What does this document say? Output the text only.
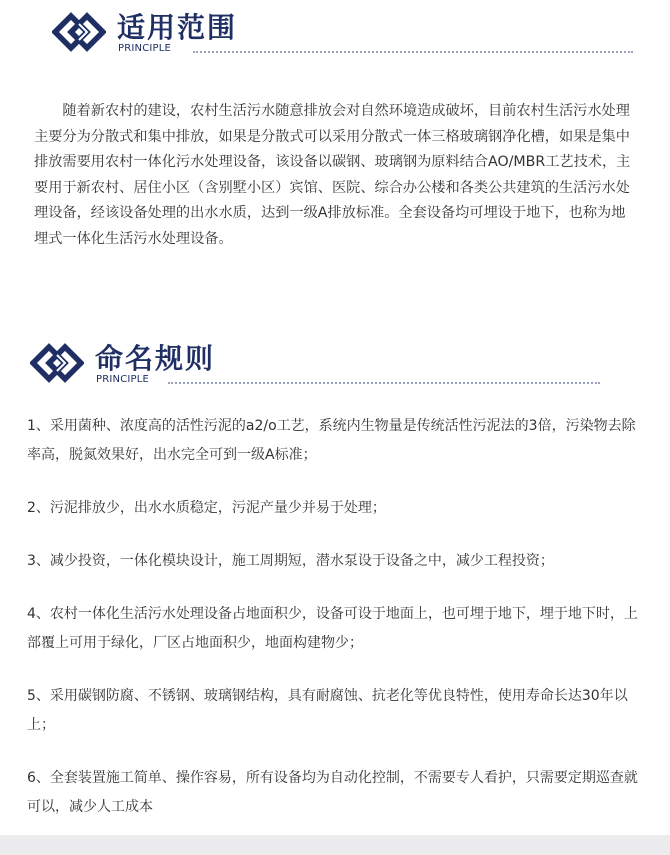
适用范围
PRINCIPLE

随着新农村的建设，农村生活污水随意排放会对自然环境造成破坏，目前农村生活污水处理主要分为分散式和集中排放，如果是分散式可以采用分散式一体三格玻璃钢净化槽，如果是集中排放需要用农村一体化污水处理设备，该设备以碳钢、玻璃钢为原料结合AO/MBR工艺技术，主要用于新农村、居住小区（含别墅小区）宾馆、医院、综合办公楼和各类公共建筑的生活污水处理设备，经该设备处理的出水水质，达到一级A排放标准。全套设备均可埋设于地下，也称为地埋式一体化生活污水处理设备。

命名规则
PRINCIPLE

1、采用菌种、浓度高的活性污泥的a2/o工艺，系统内生物量是传统活性污泥法的3倍，污染物去除率高，脱氮效果好，出水完全可到一级A标准；

2、污泥排放少，出水水质稳定，污泥产量少并易于处理；

3、减少投资，一体化模块设计，施工周期短，潜水泵设于设备之中，减少工程投资；

4、农村一体化生活污水处理设备占地面积少，设备可设于地面上，也可埋于地下，埋于地下时，上部覆上可用于绿化，厂区占地面积少，地面构建物少；

5、采用碳钢防腐、不锈钢、玻璃钢结构，具有耐腐蚀、抗老化等优良特性，使用寿命长达30年以上；

6、全套装置施工简单、操作容易，所有设备均为自动化控制，不需要专人看护，只需要定期巡查就可以，减少人工成本
